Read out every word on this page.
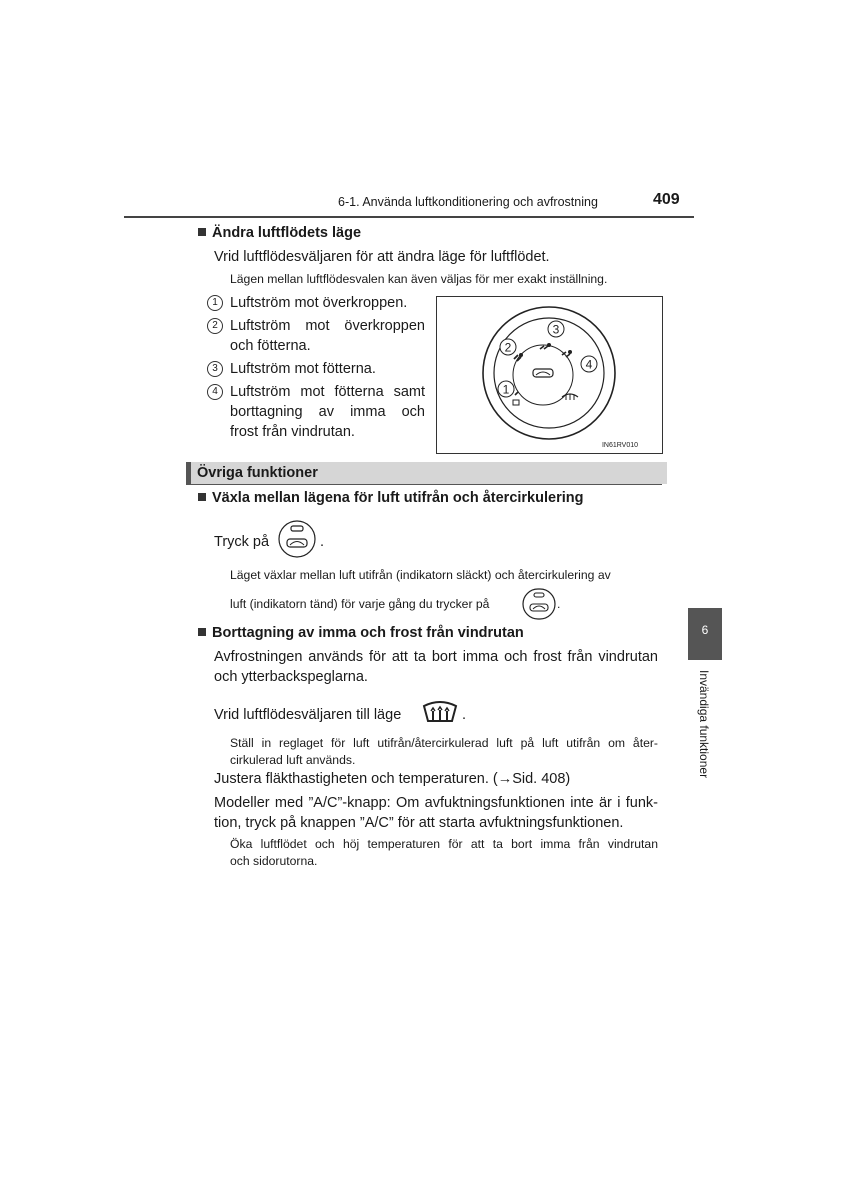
6-1. Använda luftkonditionering och avfrostning	409
Ändra luftflödets läge
Vrid luftflödesväljaren för att ändra läge för luftflödet.
Lägen mellan luftflödesvalen kan även väljas för mer exakt inställning.
1 Luftström mot överkroppen.
2 Luftström mot överkroppen
och fötterna.
3 Luftström mot fötterna.
4 Luftström mot fötterna samt
borttagning av imma och
frost från vindrutan.
3
2
4
1
IN61RV010
Övriga funktioner
Växla mellan lägena för luft utifrån och återcirkulering
Tryck på	.
Läget växlar mellan luft utifrån (indikatorn släckt) och återcirkulering av
luft (indikatorn tänd) för varje gång du trycker på	.
Borttagning av imma och frost från vindrutan
Avfrostningen används för att ta bort imma och frost från vindrutan
och ytterbackspeglarna.
Vrid luftflödesväljaren till läge	.
Ställ in reglaget för luft utifrån/återcirkulerad luft på luft utifrån om åter-
cirkulerad luft används.
Justera fläkthastigheten och temperaturen. (→Sid. 408)
Modeller med ”A/C”-knapp: Om avfuktningsfunktionen inte är i funk-
tion, tryck på knappen ”A/C” för att starta avfuktningsfunktionen.
Öka luftflödet och höj temperaturen för att ta bort imma från vindrutan
och sidorutorna.
6
Invändiga funktioner
